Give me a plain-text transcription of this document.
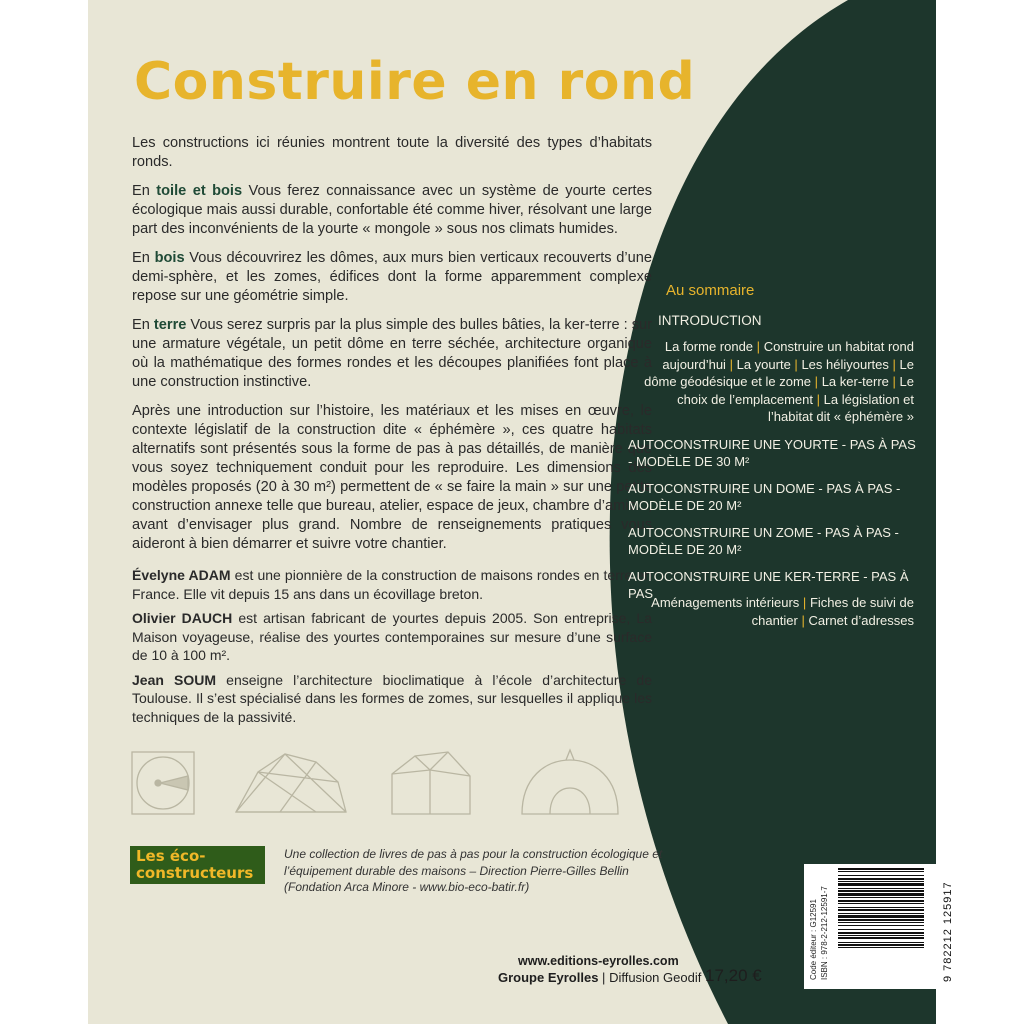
Construire en rond

Les constructions ici réunies montrent toute la diversité des types d’habitats ronds.

En toile et bois Vous ferez connaissance avec un système de yourte certes écologique mais aussi durable, confortable été comme hiver, résolvant une large part des inconvénients de la yourte « mongole » sous nos climats humides.

En bois Vous découvrirez les dômes, aux murs bien verticaux recouverts d’une demi-sphère, et les zomes, édifices dont la forme apparemment complexe repose sur une géométrie simple.

En terre Vous serez surpris par la plus simple des bulles bâties, la ker-terre : sur une armature végétale, un petit dôme en terre séchée, architecture organique où la mathématique des formes rondes et les découpes planifiées font place à une construction instinctive.

Après une introduction sur l’histoire, les matériaux et les mises en œuvre, le contexte législatif de la construction dite « éphémère », ces quatre habitats alternatifs sont présentés sous la forme de pas à pas détaillés, de manière que vous soyez techniquement conduit pour les reproduire. Les dimensions des modèles proposés (20 à 30 m²) permettent de « se faire la main » sur une petite construction annexe telle que bureau, atelier, espace de jeux, chambre d’amis..., avant d’envisager plus grand. Nombre de renseignements pratiques vous aideront à bien démarrer et suivre votre chantier.

Évelyne ADAM est une pionnière de la construction de maisons rondes en terre en France. Elle vit depuis 15 ans dans un écovillage breton.

Olivier DAUCH est artisan fabricant de yourtes depuis 2005. Son entreprise, La Maison voyageuse, réalise des yourtes contemporaines sur mesure d’une surface de 10 à 100 m².

Jean SOUM enseigne l’architecture bioclimatique à l’école d’architecture de Toulouse. Il s’est spécialisé dans les formes de zomes, sur lesquelles il applique les techniques de la passivité.

Les éco-
constructeurs
Une collection de livres de pas à pas pour la construction écologique et l’équipement durable des maisons – Direction Pierre-Gilles Bellin (Fondation Arca Minore - www.bio-eco-batir.fr)
www.editions-eyrolles.com
Groupe Eyrolles | Diffusion Geodif 17,20 €
Au sommaire
INTRODUCTION
La forme ronde | Construire un habitat rond aujourd’hui | La yourte | Les héliyourtes | Le dôme géodésique et le zome | La ker-terre | Le choix de l’emplacement | La législation et l’habitat dit « éphémère »
AUTOCONSTRUIRE UNE YOURTE - PAS À PAS
- MODÈLE DE 30 M²
AUTOCONSTRUIRE UN DOME - PAS À PAS -
MODÈLE DE 20 M²
AUTOCONSTRUIRE UN ZOME - PAS À PAS -
MODÈLE DE 20 M²
AUTOCONSTRUIRE UNE KER-TERRE - PAS À PAS
Aménagements intérieurs | Fiches de suivi de chantier | Carnet d’adresses
Code éditeur : G12591 ISBN : 978-2-212-12591-7	9 782212 125917
